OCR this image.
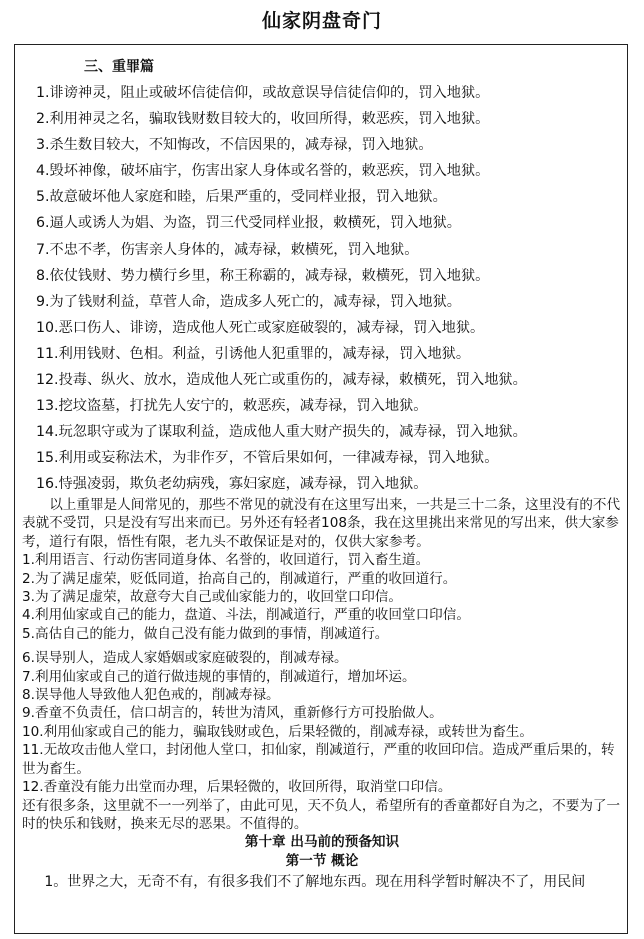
仙家阴盘奇门
三、重罪篇
1.诽谤神灵，阻止或破坏信徒信仰，或故意误导信徒信仰的，罚入地狱。
2.利用神灵之名，骗取钱财数目较大的，收回所得，敕恶疾，罚入地狱。
3.杀生数目较大，不知悔改，不信因果的，减寿禄，罚入地狱。
4.毁坏神像，破坏庙宇，伤害出家人身体或名誉的，敕恶疾，罚入地狱。
5.故意破坏他人家庭和睦，后果严重的，受同样业报，罚入地狱。
6.逼人或诱人为娼、为盗，罚三代受同样业报，敕横死，罚入地狱。
7.不忠不孝，伤害亲人身体的，减寿禄，敕横死，罚入地狱。
8.依仗钱财、势力横行乡里，称王称霸的，减寿禄，敕横死，罚入地狱。
9.为了钱财利益，草菅人命，造成多人死亡的，减寿禄，罚入地狱。
10.恶口伤人、诽谤，造成他人死亡或家庭破裂的，减寿禄，罚入地狱。
11.利用钱财、色相。利益，引诱他人犯重罪的，减寿禄，罚入地狱。
12.投毒、纵火、放水，造成他人死亡或重伤的，减寿禄，敕横死，罚入地狱。
13.挖坟盗墓，打扰先人安宁的，敕恶疾，减寿禄，罚入地狱。
14.玩忽职守或为了谋取利益，造成他人重大财产损失的，减寿禄，罚入地狱。
15.利用或妄称法术，为非作歹，不管后果如何，一律减寿禄，罚入地狱。
16.恃强凌弱，欺负老幼病残，寡妇家庭，减寿禄，罚入地狱。

以上重罪是人间常见的，那些不常见的就没有在这里写出来，一共是三十二条，这里没有的不代表就不受罚，只是没有写出来而已。另外还有轻者108条，我在这里挑出来常见的写出来，供大家参考，道行有限，悟性有限，老九头不敢保证是对的，仅供大家参考。

1.利用语言、行动伤害同道身体、名誉的，收回道行，罚入畜生道。

2.为了满足虚荣，贬低同道，抬高自己的，削减道行，严重的收回道行。

3.为了满足虚荣，故意夸大自己或仙家能力的，收回堂口印信。

4.利用仙家或自己的能力，盘道、斗法，削减道行，严重的收回堂口印信。

5.高估自己的能力，做自己没有能力做到的事情，削减道行。

6.误导别人，造成人家婚姻或家庭破裂的，削减寿禄。

7.利用仙家或自己的道行做违规的事情的，削减道行，增加坏运。

8.误导他人导致他人犯色戒的，削减寿禄。

9.香童不负责任，信口胡言的，转世为清风，重新修行方可投胎做人。

10.利用仙家或自己的能力，骗取钱财或色，后果轻微的，削减寿禄，或转世为畜生。

11.无故攻击他人堂口，封闭他人堂口，扣仙家，削减道行，严重的收回印信。造成严重后果的，转世为畜生。

12.香童没有能力出堂而办理，后果轻微的，收回所得，取消堂口印信。

还有很多条，这里就不一一列举了，由此可见，天不负人，希望所有的香童都好自为之，不要为了一时的快乐和钱财，换来无尽的恶果。不值得的。

第十章 出马前的预备知识

第一节 概论

1。世界之大，无奇不有，有很多我们不了解地东西。现在用科学暂时解决不了，用民间
